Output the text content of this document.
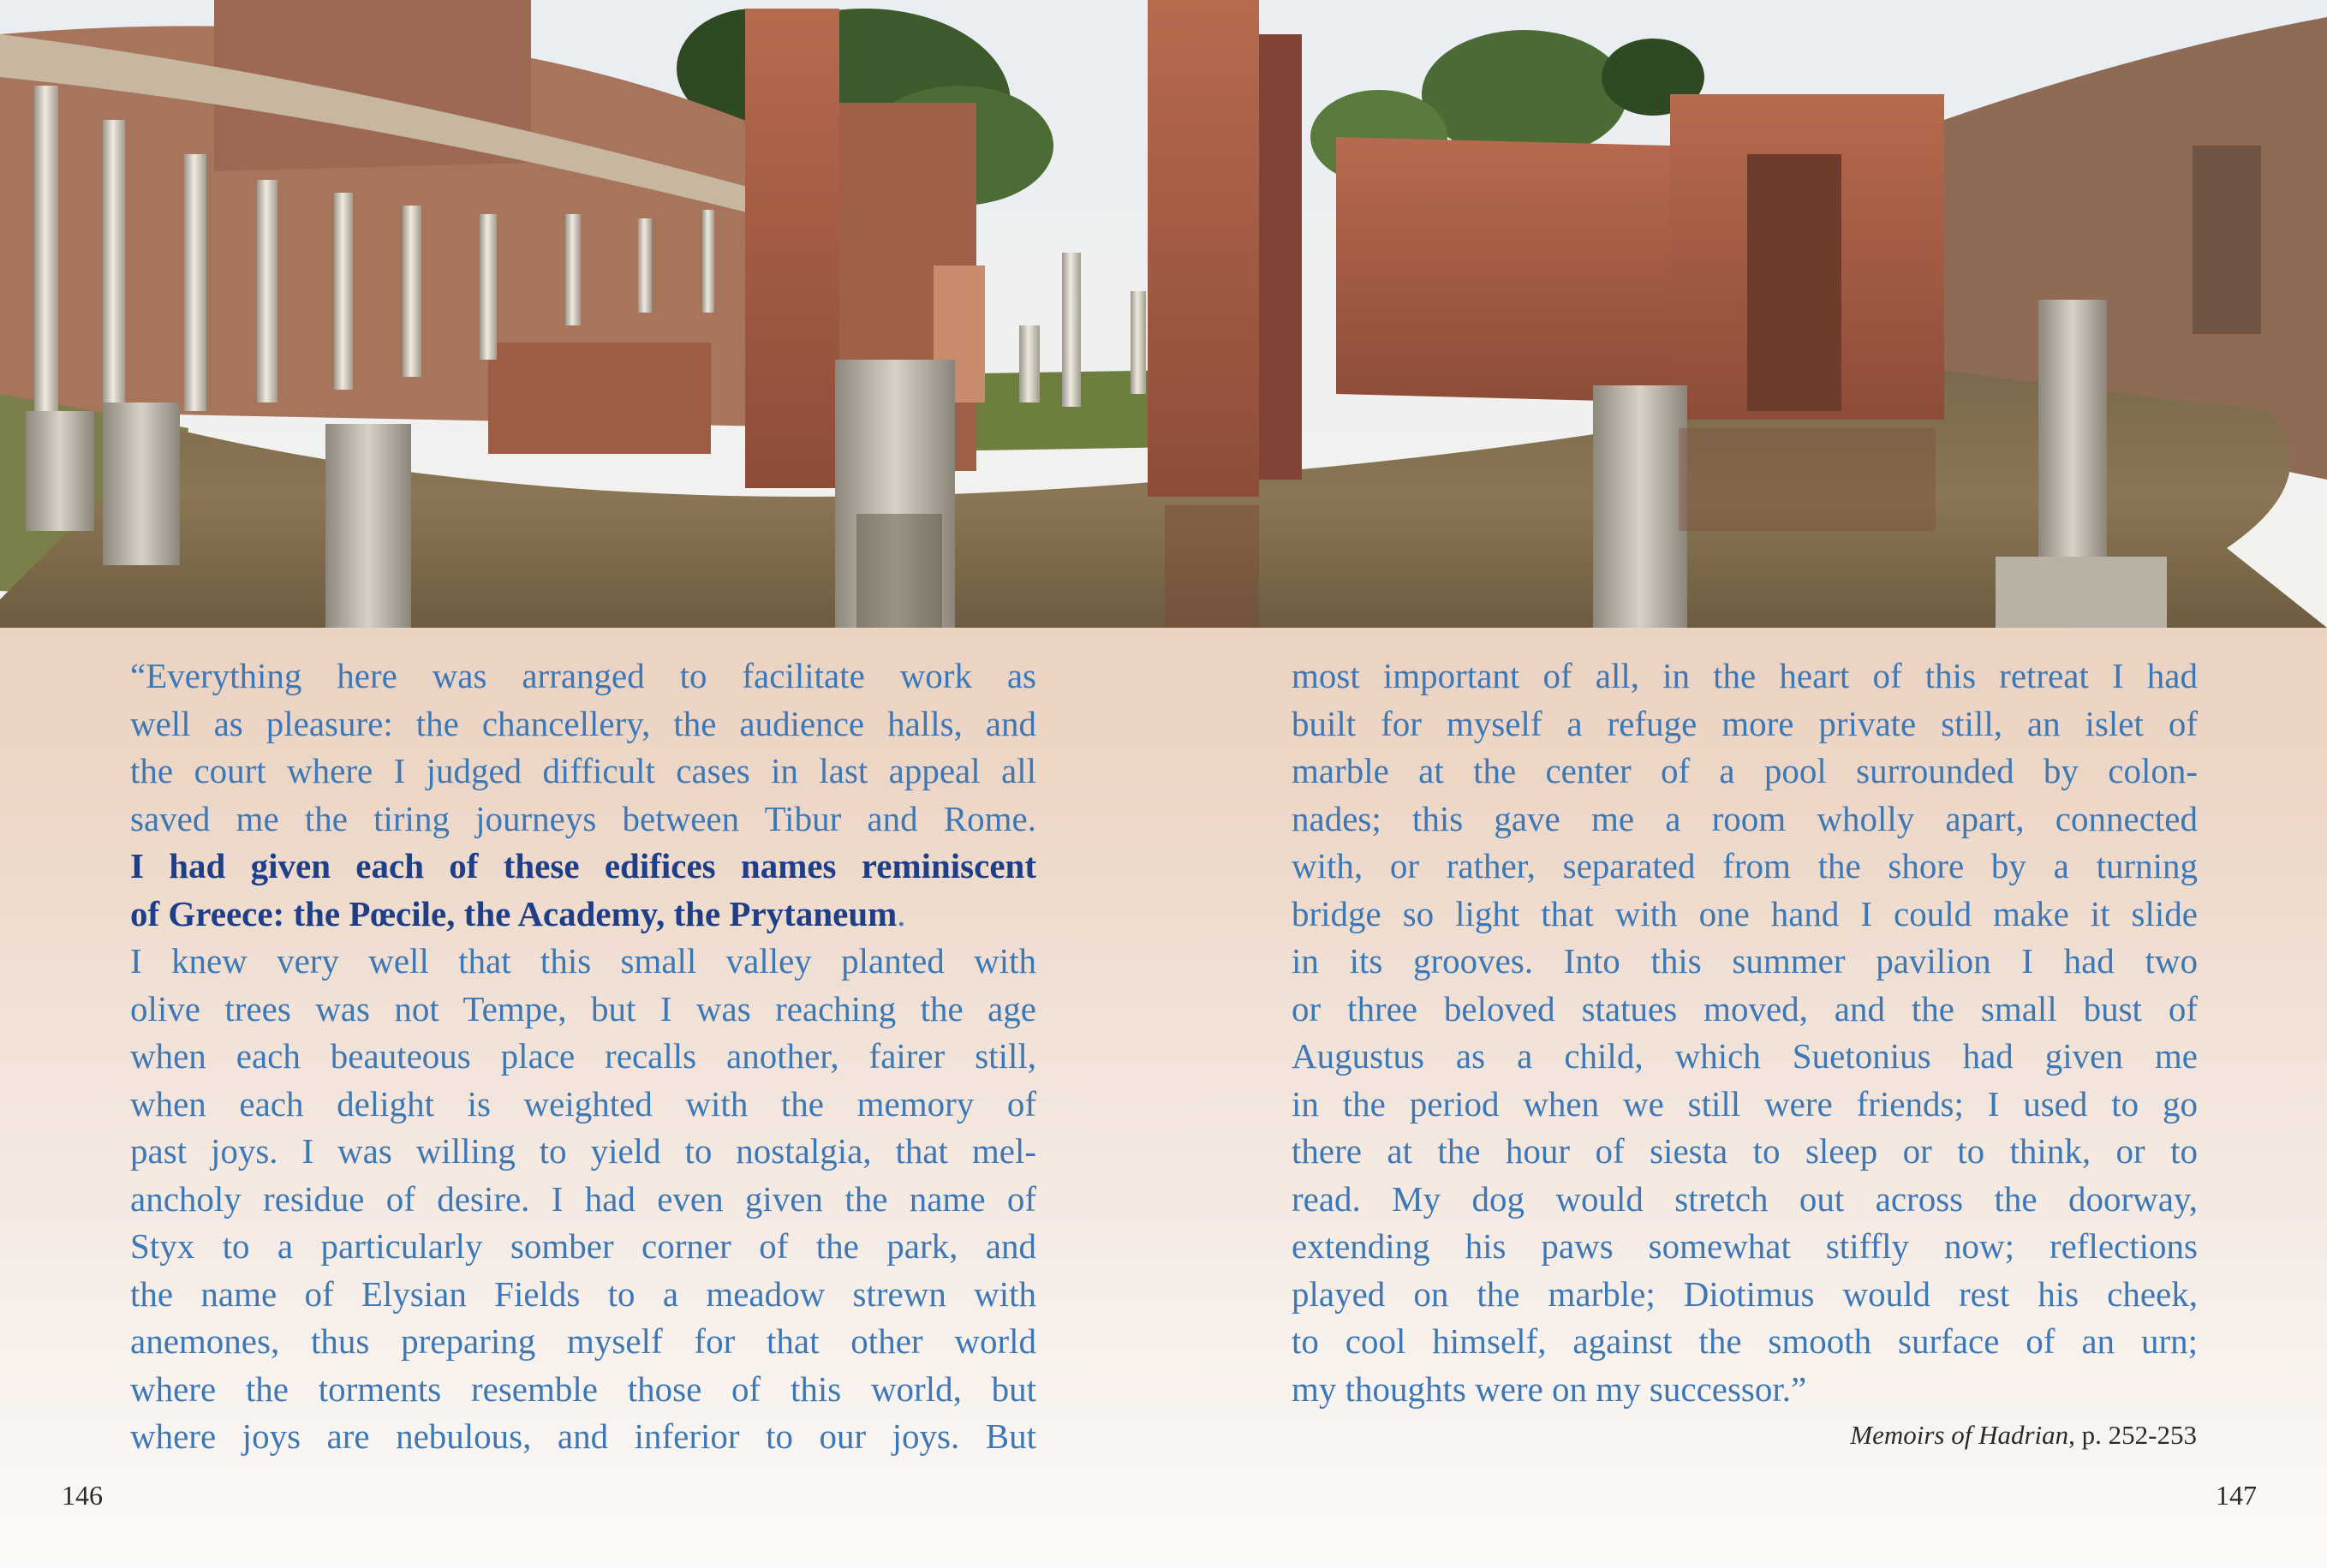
“Everything here was arranged to facilitate work as
well as pleasure: the chancellery, the audience halls, and
the court where I judged difficult cases in last appeal all
saved me the tiring journeys between Tibur and Rome.
I had given each of these edifices names reminiscent
of Greece: the Pœcile, the Academy, the Prytaneum.
I knew very well that this small valley planted with
olive trees was not Tempe, but I was reaching the age
when each beauteous place recalls another, fairer still,
when each delight is weighted with the memory of
past joys. I was willing to yield to nostalgia, that mel-
ancholy residue of desire. I had even given the name of
Styx to a particularly somber corner of the park, and
the name of Elysian Fields to a meadow strewn with
anemones, thus preparing myself for that other world
where the torments resemble those of this world, but
where joys are nebulous, and inferior to our joys. But
most important of all, in the heart of this retreat I had
built for myself a refuge more private still, an islet of
marble at the center of a pool surrounded by colon-
nades; this gave me a room wholly apart, connected
with, or rather, separated from the shore by a turning
bridge so light that with one hand I could make it slide
in its grooves. Into this summer pavilion I had two
or three beloved statues moved, and the small bust of
Augustus as a child, which Suetonius had given me
in the period when we still were friends; I used to go
there at the hour of siesta to sleep or to think, or to
read. My dog would stretch out across the doorway,
extending his paws somewhat stiffly now; reflections
played on the marble; Diotimus would rest his cheek,
to cool himself, against the smooth surface of an urn;
my thoughts were on my successor.”
Memoirs of Hadrian, p. 252-253
146	147
